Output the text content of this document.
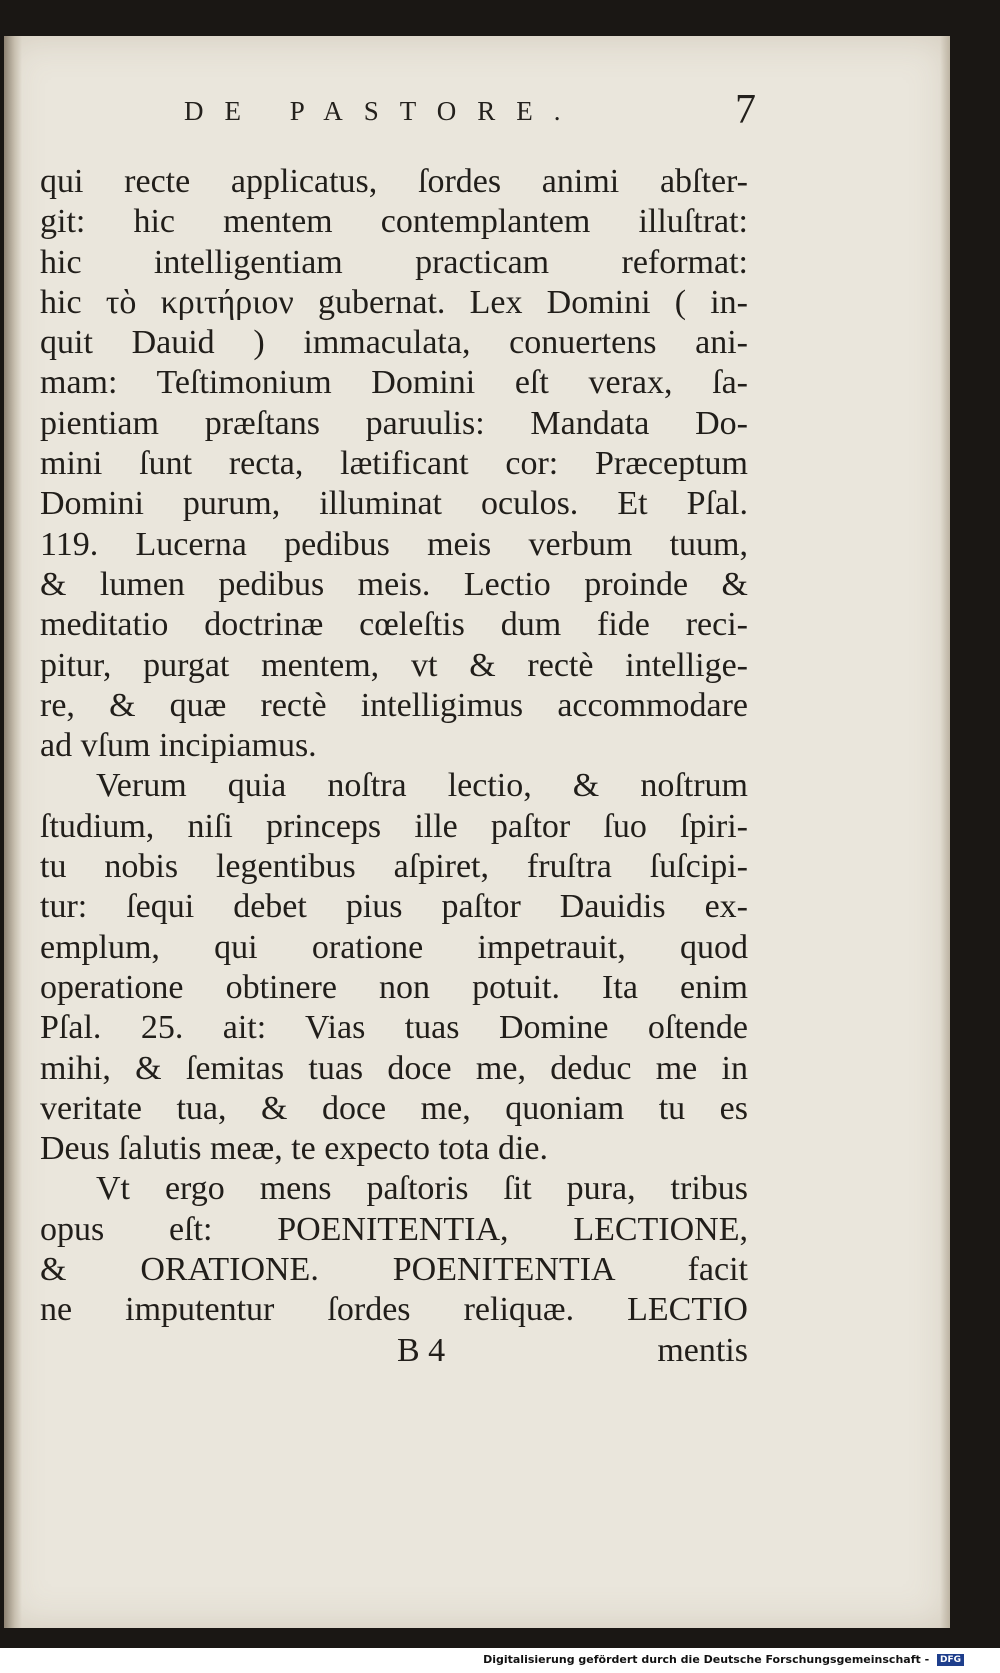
DE PASTORE.	7
qui recte applicatus, ſordes animi abſter-
git: hic mentem contemplantem illuſtrat:
hic intelligentiam practicam reformat:
hic τὸ κριτήριον gubernat. Lex Domini ( in-
quit Dauid ) immaculata, conuertens ani-
mam: Teſtimonium Domini eſt verax, ſa-
pientiam præſtans paruulis: Mandata Do-
mini ſunt recta, lætificant cor: Præceptum
Domini purum, illuminat oculos. Et Pſal.
119. Lucerna pedibus meis verbum tuum,
& lumen pedibus meis. Lectio proinde &
meditatio doctrinæ cœleſtis dum fide reci-
pitur, purgat mentem, vt & rectè intellige-
re, & quæ rectè intelligimus accommodare
ad vſum incipiamus.
Verum quia noſtra lectio, & noſtrum
ſtudium, niſi princeps ille paſtor ſuo ſpiri-
tu nobis legentibus aſpiret, fruſtra ſuſcipi-
tur: ſequi debet pius paſtor Dauidis ex-
emplum, qui oratione impetrauit, quod
operatione obtinere non potuit. Ita enim
Pſal. 25. ait: Vias tuas Domine oſtende
mihi, & ſemitas tuas doce me, deduc me in
veritate tua, & doce me, quoniam tu es
Deus ſalutis meæ, te expecto tota die.
Vt ergo mens paſtoris ſit pura, tribus
opus eſt: POENITENTIA, LECTIONE,
& ORATIONE. POENITENTIA facit
ne imputentur ſordes reliquæ. LECTIO
B 4	mentis
Digitalisierung gefördert durch die Deutsche Forschungsgemeinschaft - DFG
